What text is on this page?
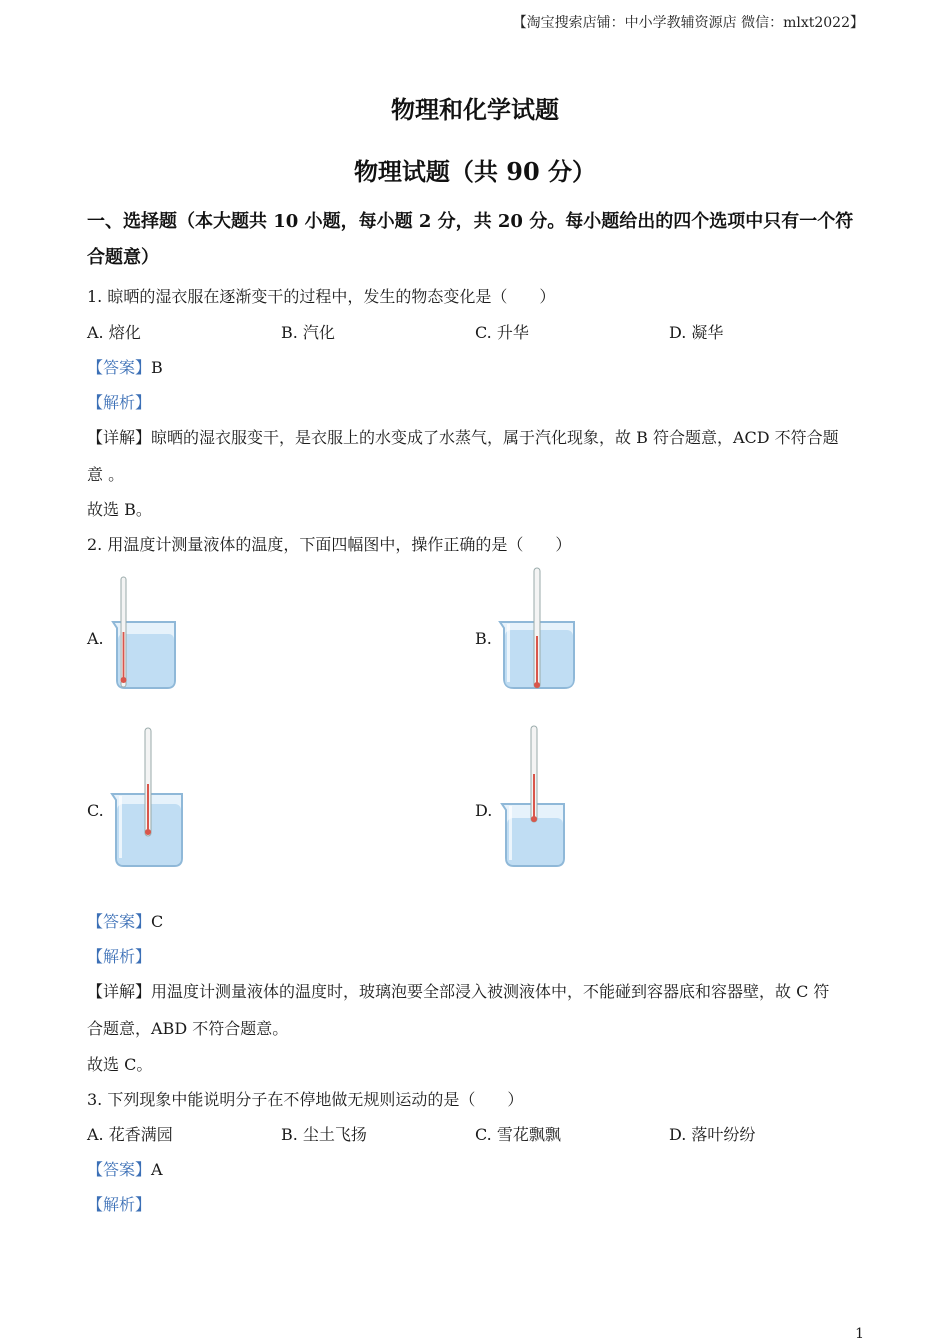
【淘宝搜索店铺：中小学教辅资源店 微信：mlxt2022】
物理和化学试题
物理试题（共 90 分）
一、选择题（本大题共 10 小题，每小题 2 分，共 20 分。每小题给出的四个选项中只有一个符合题意）
1. 晾晒的湿衣服在逐渐变干的过程中，发生的物态变化是（　　）
A. 熔化	B. 汽化	C. 升华	D. 凝华
【答案】B
【解析】
【详解】晾晒的湿衣服变干，是衣服上的水变成了水蒸气，属于汽化现象，故 B 符合题意，ACD 不符合题
意 。
故选 B。
2. 用温度计测量液体的温度，下面四幅图中，操作正确的是（　　）
A.	B.
C.	D.
【答案】C
【解析】
【详解】用温度计测量液体的温度时，玻璃泡要全部浸入被测液体中，不能碰到容器底和容器壁，故 C 符
合题意，ABD 不符合题意。
故选 C。
3. 下列现象中能说明分子在不停地做无规则运动的是（　　）
A. 花香满园	B. 尘土飞扬	C. 雪花飘飘	D. 落叶纷纷
【答案】A
【解析】
1
